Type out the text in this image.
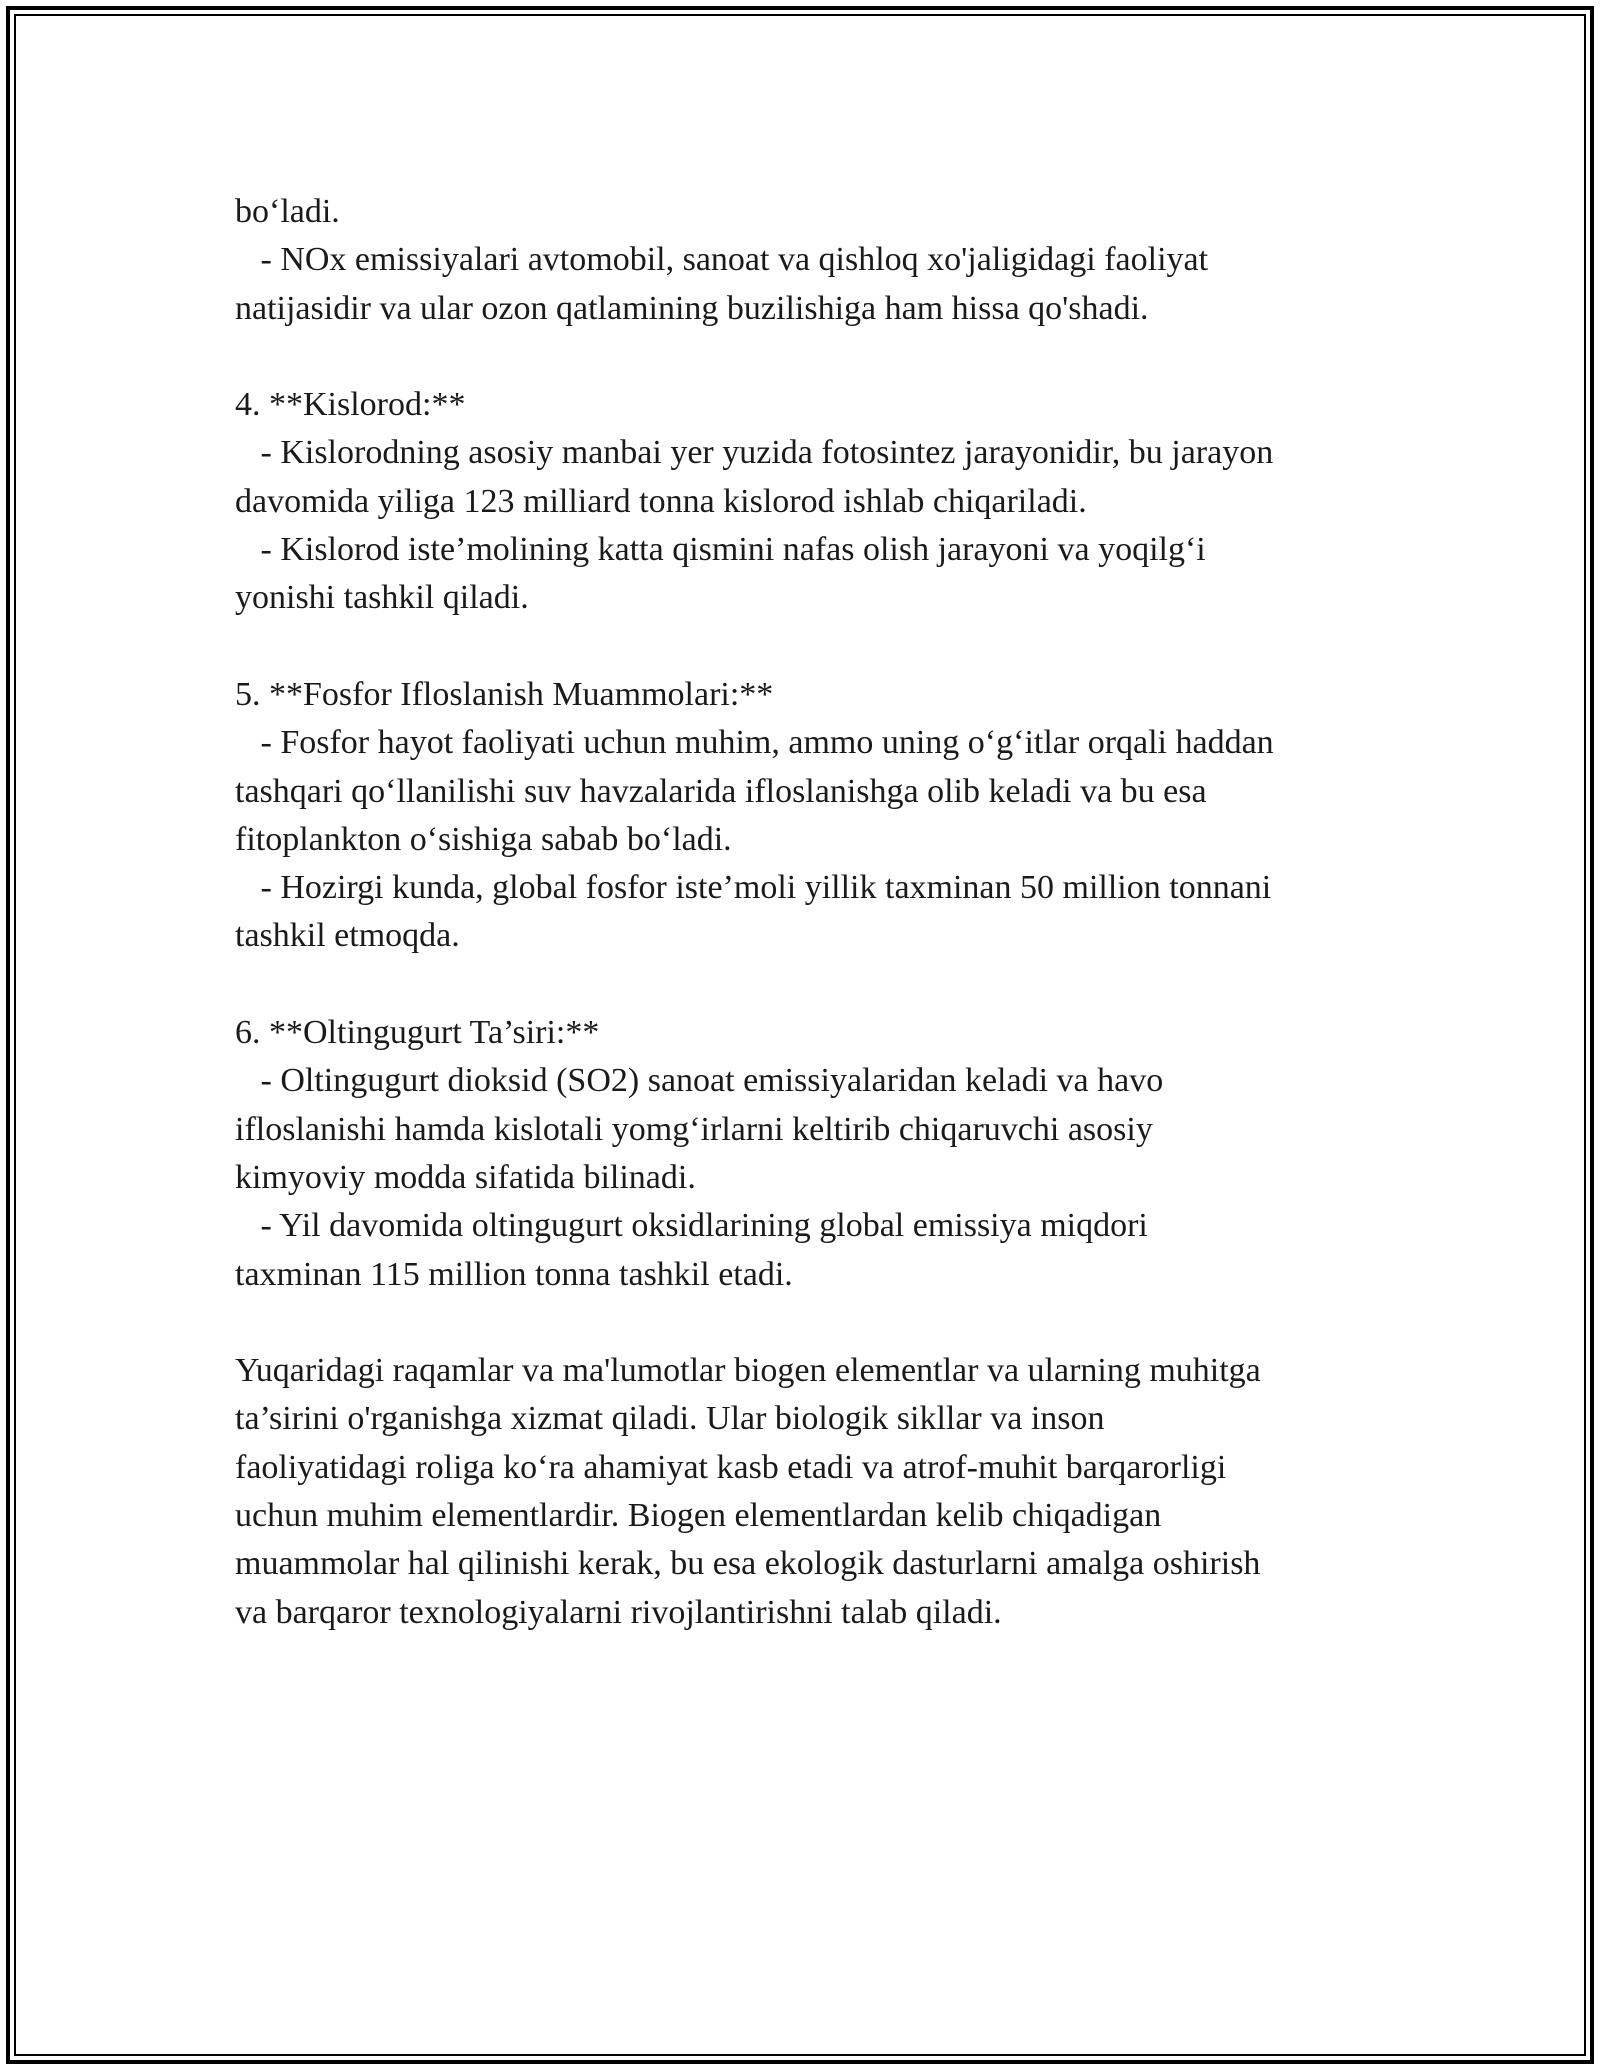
bo‘ladi.
- NOx emissiyalari avtomobil, sanoat va qishloq xo'jaligidagi faoliyat
natijasidir va ular ozon qatlamining buzilishiga ham hissa qo'shadi.
4. **Kislorod:**
- Kislorodning asosiy manbai yer yuzida fotosintez jarayonidir, bu jarayon
davomida yiliga 123 milliard tonna kislorod ishlab chiqariladi.
- Kislorod iste’molining katta qismini nafas olish jarayoni va yoqilg‘i
yonishi tashkil qiladi.
5. **Fosfor Ifloslanish Muammolari:**
- Fosfor hayot faoliyati uchun muhim, ammo uning o‘g‘itlar orqali haddan
tashqari qo‘llanilishi suv havzalarida ifloslanishga olib keladi va bu esa
fitoplankton o‘sishiga sabab bo‘ladi.
- Hozirgi kunda, global fosfor iste’moli yillik taxminan 50 million tonnani
tashkil etmoqda.
6. **Oltingugurt Ta’siri:**
- Oltingugurt dioksid (SO2) sanoat emissiyalaridan keladi va havo
ifloslanishi hamda kislotali yomg‘irlarni keltirib chiqaruvchi asosiy
kimyoviy modda sifatida bilinadi.
- Yil davomida oltingugurt oksidlarining global emissiya miqdori
taxminan 115 million tonna tashkil etadi.
Yuqaridagi raqamlar va ma'lumotlar biogen elementlar va ularning muhitga
ta’sirini o'rganishga xizmat qiladi. Ular biologik sikllar va inson
faoliyatidagi roliga ko‘ra ahamiyat kasb etadi va atrof-muhit barqarorligi
uchun muhim elementlardir. Biogen elementlardan kelib chiqadigan
muammolar hal qilinishi kerak, bu esa ekologik dasturlarni amalga oshirish
va barqaror texnologiyalarni rivojlantirishni talab qiladi.
